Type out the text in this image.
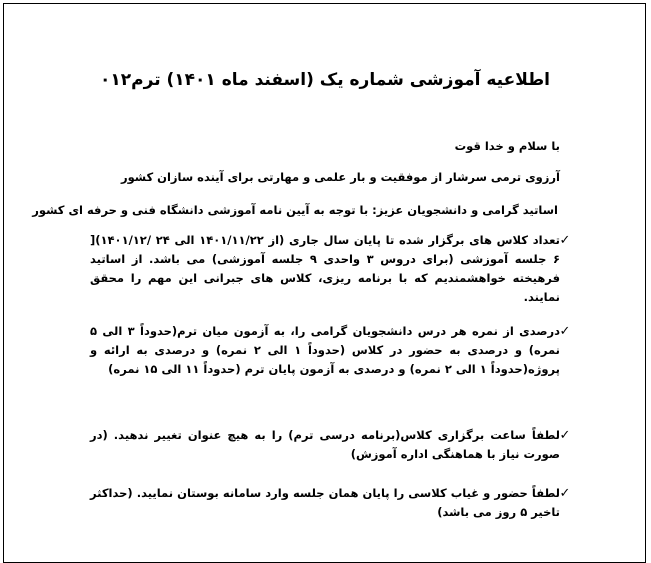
اطلاعیه آموزشی شماره یک (اسفند ماه ۱۴۰۱) ترم۰۱۲
با سلام و خدا قوت
آرزوی ترمی سرشار از موفقیت و بار علمی و مهارتی برای آینده سازان کشور
اساتید گرامی و دانشجویان عزیز: با توجه به آیین نامه آموزشی دانشگاه فنی و حرفه ای کشور
✓
تعداد کلاس های برگزار شده تا پایان سال جاری (از ۱۴۰۱/۱۱/۲۲ الی ۲۴ /۱۴۰۱/۱۲)[ ۶ جلسه آموزشی (برای دروس ۳ واحدی ۹ جلسه آموزشی) می باشد. از اساتید فرهیخته خواهشمندیم که با برنامه ریزی، کلاس های جبرانی این مهم را محقق نمایند.
✓
درصدی از نمره هر درس دانشجویان گرامی را، به آزمون میان ترم(حدوداً ۳ الی ۵ نمره) و درصدی به حضور در کلاس (حدوداً ۱ الی ۲ نمره) و درصدی به ارائه و پروژه(حدوداً ۱ الی ۲ نمره) و درصدی به آزمون پایان ترم (حدوداً ۱۱ الی ۱۵ نمره)
✓
لطفاً ساعت برگزاری کلاس(برنامه درسی ترم) را به هیچ عنوان تغییر ندهید. (در صورت نیاز با هماهنگی اداره آموزش)
✓
لطفاً حضور و غیاب کلاسی را پایان همان جلسه وارد سامانه بوستان نمایید. (حداکثر تاخیر ۵ روز می باشد)
